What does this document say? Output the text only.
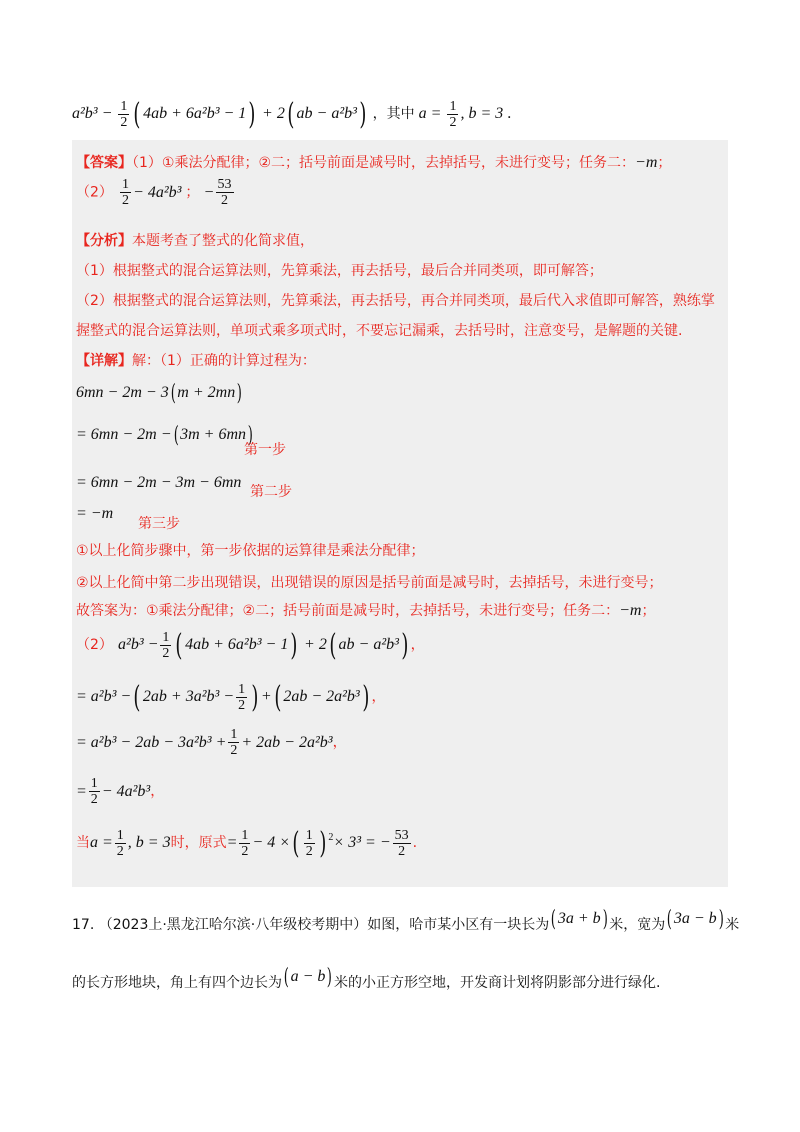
$a^2b^3 - \frac{1}{2}$ ( 4ab + 6a²b³ − 1) + 2( ab − a²b³) ，其中 $a = \frac{1}{2}$ , b = 3 .
【答案】（1）①乘法分配律；②二；括号前面是减号时，去掉括号，未进行变号；任务二：−m；
$(2) \frac{1}{2} - 4a^2b^3$ ； − $\frac{53}{2}$
【分析】本题考查了整式的化简求值，
（1）根据整式的混合运算法则，先算乘法，再去括号，最后合并同类项，即可解答；
（2）根据整式的混合运算法则，先算乘法，再去括号，再合并同类项，最后代入求值即可解答，熟练掌
握整式的混合运算法则，单项式乘多项式时，不要忘记漏乘，去括号时，注意变号，是解题的关键.
【详解】解：（1）正确的计算过程为：
6mn − 2m − 3( m + 2mn)
= 6mn − 2m −( 3m + 6mn)
第一步
= 6mn − 2m − 3m − 6mn
第二步
= −m
第三步
①以上化简步骤中，第一步依据的运算律是乘法分配律；
②以上化简中第二步出现错误，出现错误的原因是括号前面是减号时，去掉括号，未进行变号；
故答案为：①乘法分配律；②二；括号前面是减号时，去掉括号，未进行变号；任务二：−m；
（2） $a^2b^3 - \frac{1}{2}$ ( 4ab + 6a²b³ − 1) + 2( ab − a²b³) ，
= a²b³ −( $2ab + 3a^2b^3 - \frac{1}{2}$ ) +( 2ab − 2a²b³) ，
= $a^2b^3 - 2ab - 3a^2b^3 + \frac{1}{2} + 2ab - 2a^2b^3$，
= $\frac{1}{2} - 4a^2b^3$，
当$a = \frac{1}{2}$ , b = 3时，原式= $\frac{1}{2} - 4$ ×( $\frac{1}{2}$ ) $^2$× 3³ = − $\frac{53}{2}$ .
17. （2023上·黑龙江哈尔滨·八年级校考期中）如图，哈市某小区有一块长为( 3a + b) 米，宽为( 3a − b) 米
的长方形地块，角上有四个边长为( a − b) 米的小正方形空地，开发商计划将阴影部分进行绿化.
